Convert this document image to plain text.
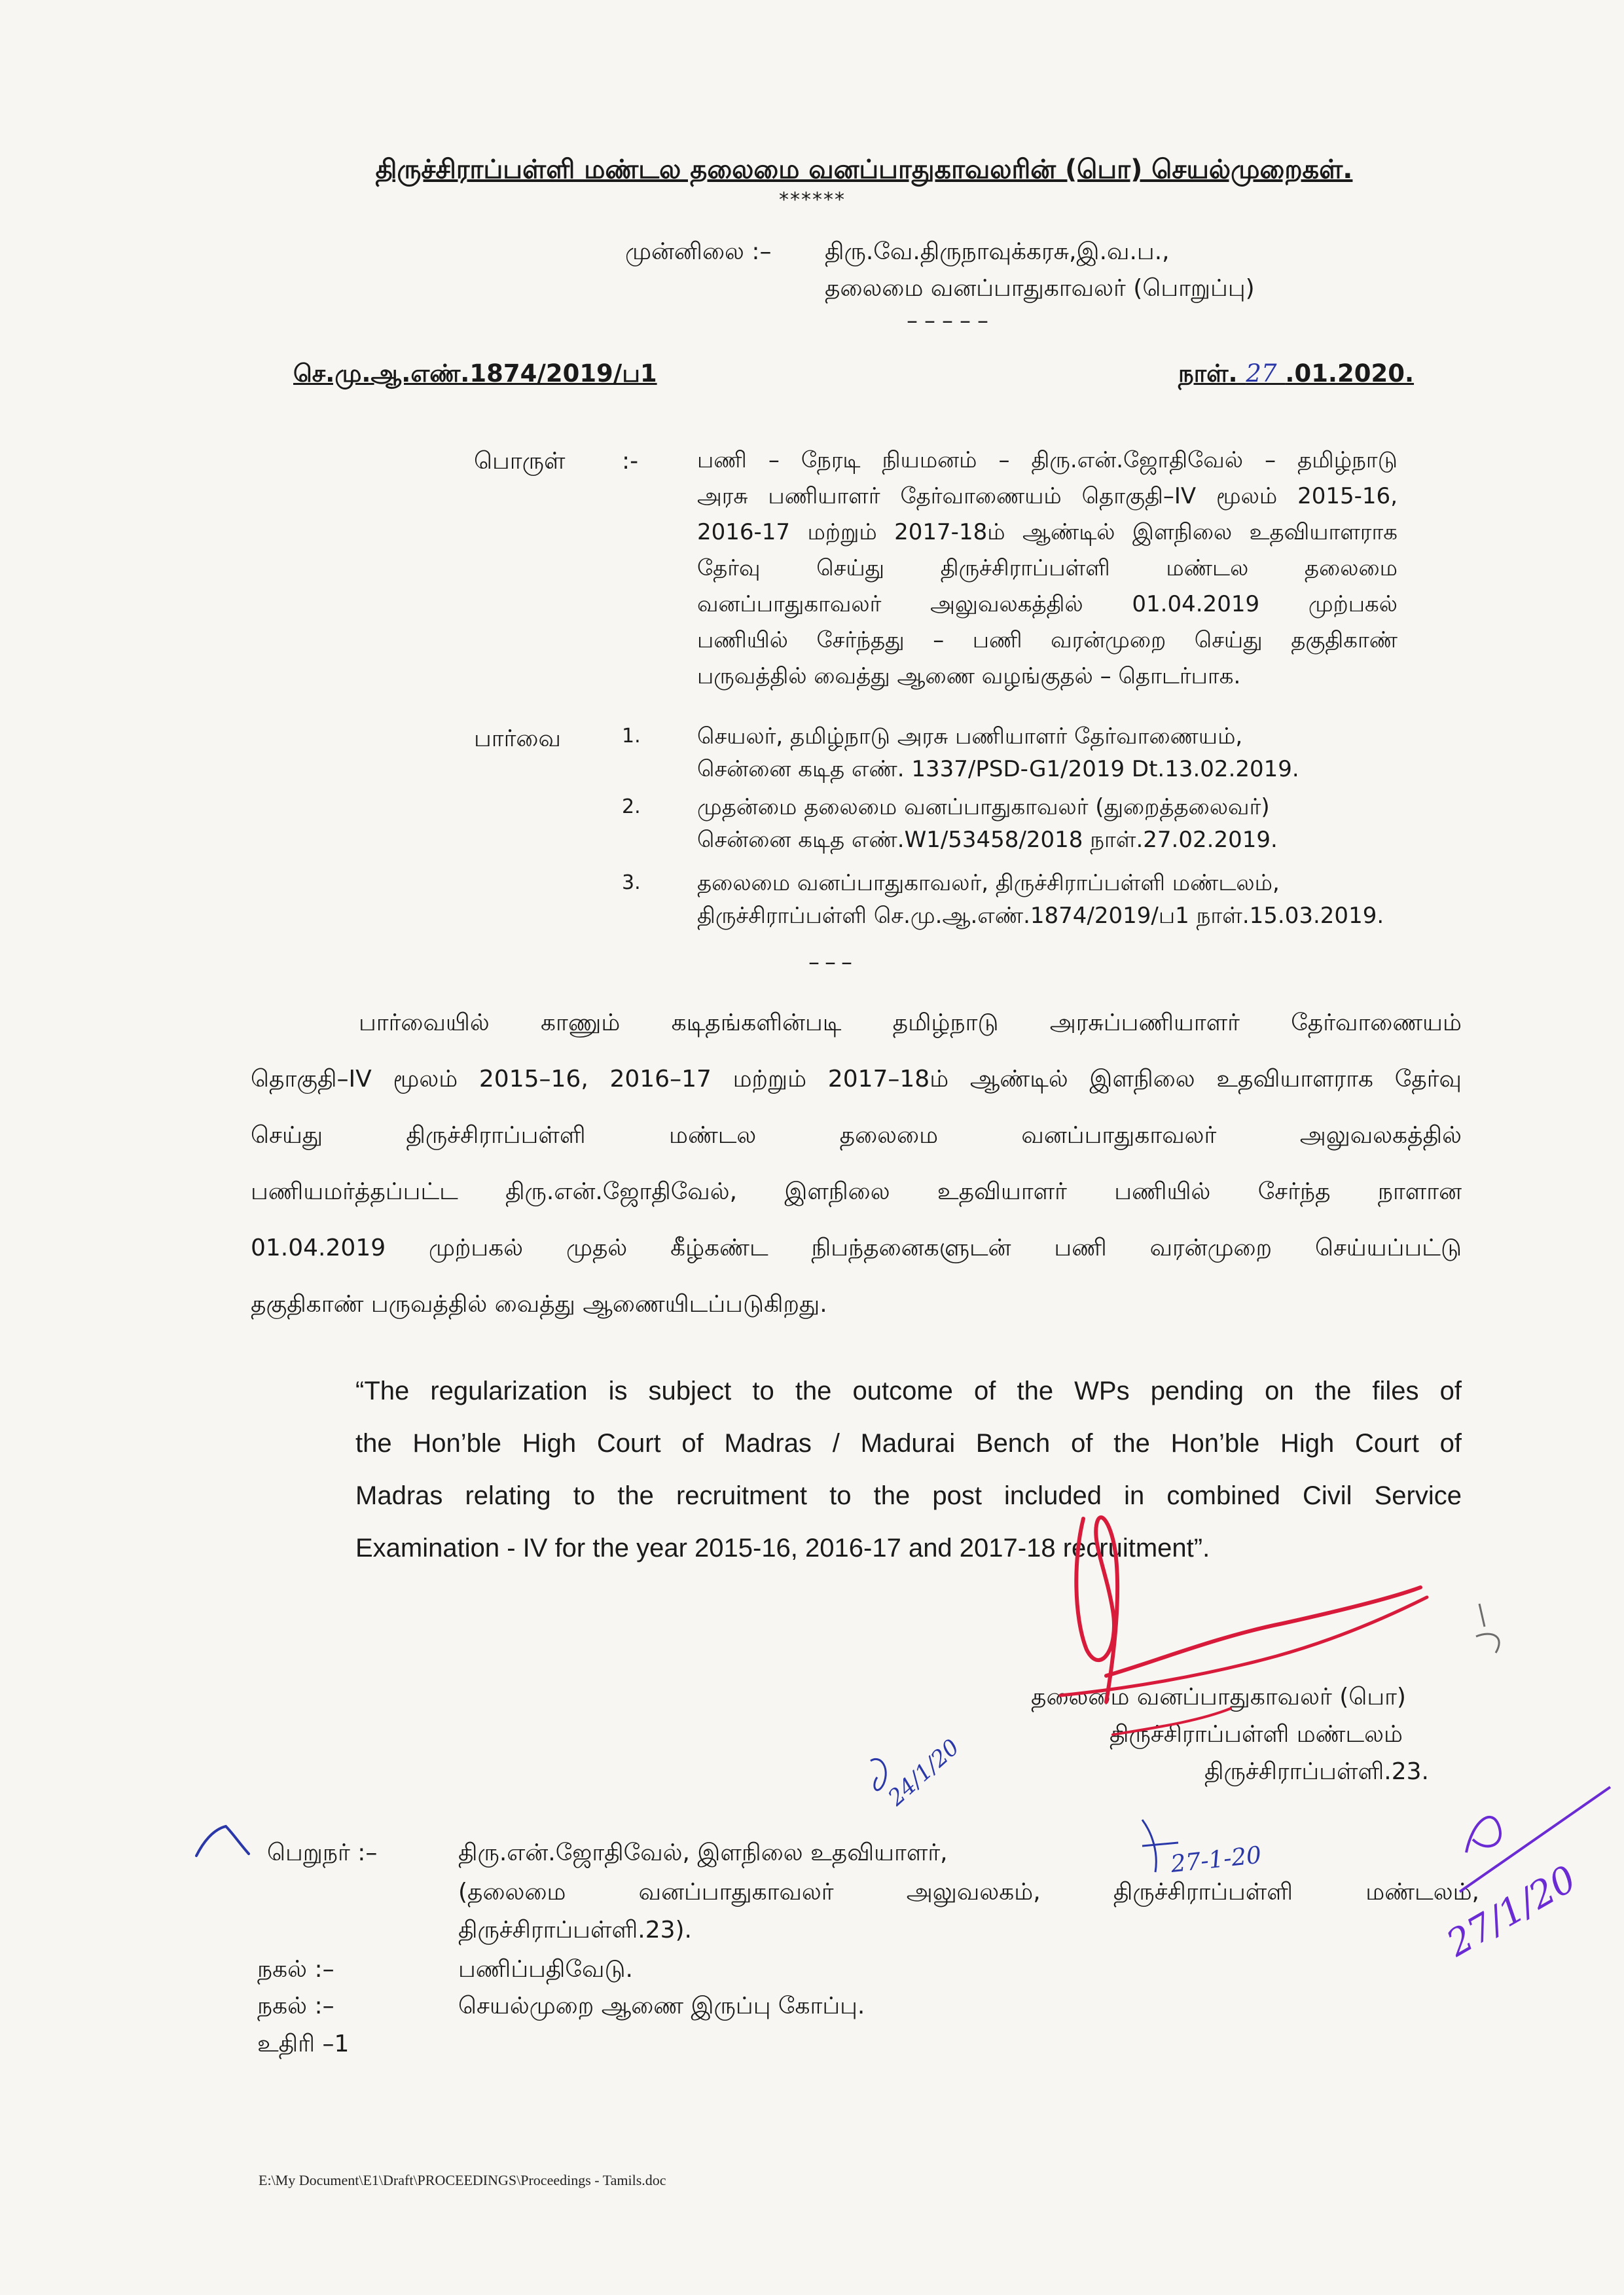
திருச்சிராப்பள்ளி மண்டல தலைமை வனப்பாதுகாவலரின் (பொ) செயல்முறைகள்.
******
முன்னிலை :– திரு.வே.திருநாவுக்கரசு,இ.வ.ப.,
தலைமை வனப்பாதுகாவலர் (பொறுப்பு)
–––––
செ.மு.ஆ.எண்.1874/2019/ப1	நாள். 27 .01.2020.
பொருள் :-	பணி – நேரடி நியமனம் – திரு.என்.ஜோதிவேல் – தமிழ்நாடு
அரசு பணியாளர் தேர்வாணையம் தொகுதி–IV மூலம் 2015-16,
2016-17 மற்றும் 2017-18ம் ஆண்டில் இளநிலை உதவியாளராக
தேர்வு செய்து திருச்சிராப்பள்ளி மண்டல தலைமை
வனப்பாதுகாவலர் அலுவலகத்தில் 01.04.2019 முற்பகல்
பணியில் சேர்ந்தது – பணி வரன்முறை செய்து தகுதிகாண்
பருவத்தில் வைத்து ஆணை வழங்குதல் – தொடர்பாக.
பார்வை	1.	செயலர், தமிழ்நாடு அரசு பணியாளர் தேர்வாணையம்,
சென்னை கடித எண். 1337/PSD-G1/2019 Dt.13.02.2019.
2.	முதன்மை தலைமை வனப்பாதுகாவலர் (துறைத்தலைவர்)
சென்னை கடித எண்.W1/53458/2018 நாள்.27.02.2019.
3.	தலைமை வனப்பாதுகாவலர், திருச்சிராப்பள்ளி மண்டலம்,
திருச்சிராப்பள்ளி செ.மு.ஆ.எண்.1874/2019/ப1 நாள்.15.03.2019.
–––
பார்வையில் காணும் கடிதங்களின்படி தமிழ்நாடு அரசுப்பணியாளர் தேர்வாணையம்
தொகுதி–IV மூலம் 2015–16, 2016–17 மற்றும் 2017–18ம் ஆண்டில் இளநிலை உதவியாளராக தேர்வு
செய்து திருச்சிராப்பள்ளி மண்டல தலைமை வனப்பாதுகாவலர் அலுவலகத்தில்
பணியமர்த்தப்பட்ட திரு.என்.ஜோதிவேல், இளநிலை உதவியாளர் பணியில் சேர்ந்த நாளான
01.04.2019 முற்பகல் முதல் கீழ்கண்ட நிபந்தனைகளுடன் பணி வரன்முறை செய்யப்பட்டு
தகுதிகாண் பருவத்தில் வைத்து ஆணையிடப்படுகிறது.
“The regularization is subject to the outcome of the WPs pending on the files of
the Hon’ble High Court of Madras / Madurai Bench of the Hon’ble High Court of
Madras relating to the recruitment to the post included in combined Civil Service
Examination - IV for the year 2015-16, 2016-17 and 2017-18 recruitment”.
தலைமை வனப்பாதுகாவலர் (பொ)
திருச்சிராப்பள்ளி மண்டலம்
திருச்சிராப்பள்ளி.23.
பெறுநர் :–	திரு.என்.ஜோதிவேல், இளநிலை உதவியாளர்,
(தலைமை வனப்பாதுகாவலர் அலுவலகம், திருச்சிராப்பள்ளி மண்டலம்,
திருச்சிராப்பள்ளி.23).
நகல் :–	பணிப்பதிவேடு.
நகல் :–	செயல்முறை ஆணை இருப்பு கோப்பு.
உதிரி –1
E:\My Document\E1\Draft\PROCEEDINGS\Proceedings - Tamils.doc
24/1/20
27-1-20	27/1/20
